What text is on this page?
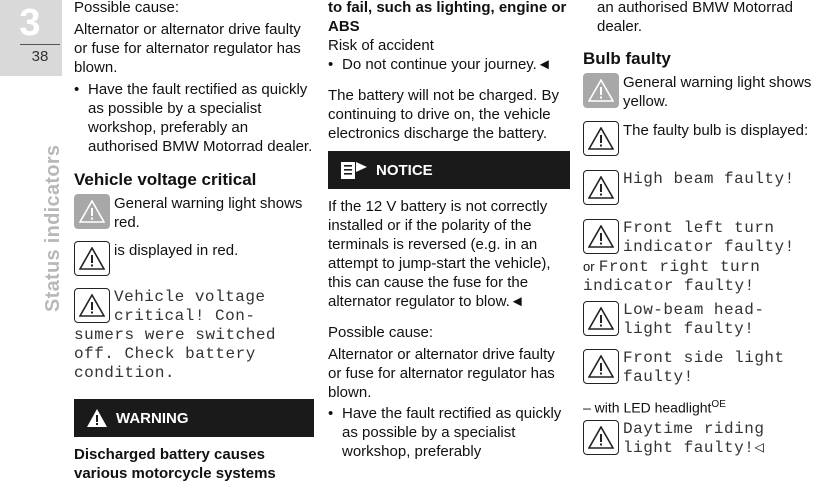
3
38
Status indicators
Possible cause:
Alternator or alternator drive faulty or fuse for alternator regulator has blown.
• Have the fault rectified as quickly as possible by a specialist workshop, preferably an authorised BMW Motorrad dealer.
Vehicle voltage critical
General warning light shows red.
is displayed in red.
Vehicle voltage
critical! Con-
sumers were switched off. Check battery condition.
WARNING
Discharged battery causes various motorcycle systems
to fail, such as lighting, engine or ABS
Risk of accident
• Do not continue your journey.◄
The battery will not be charged. By continuing to drive on, the vehicle electronics discharge the battery.
NOTICE
If the 12 V battery is not correctly installed or if the polarity of the terminals is reversed (e.g. in an attempt to jump-start the vehicle), this can cause the fuse for the alternator regulator to blow.◄
Possible cause:
Alternator or alternator drive faulty or fuse for alternator regulator has blown.
• Have the fault rectified as quickly as possible by a specialist workshop, preferably
an authorised BMW Motorrad dealer.
Bulb faulty
General warning light shows yellow.
The faulty bulb is displayed:
High beam faulty!
Front left turn
indicator faulty!
or Front right turn
indicator faulty!
Low-beam head-
light faulty!
Front side light
faulty!
– with LED headlight$^{OE}$
Daytime riding
light faulty!◁
